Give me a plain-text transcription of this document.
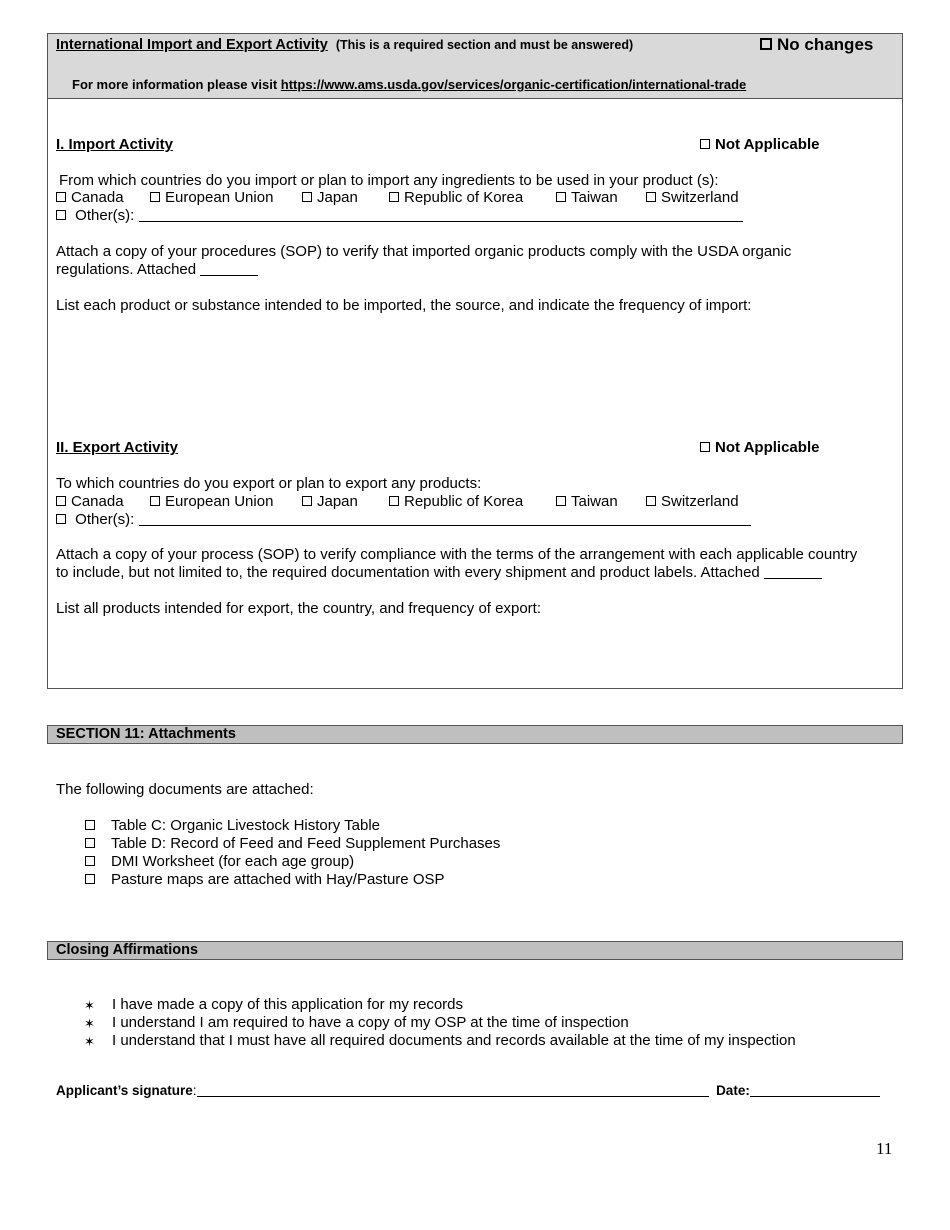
International Import and Export Activity (This is a required section and must be answered)	No changes
For more information please visit https://www.ams.usda.gov/services/organic-certification/international-trade
I. Import Activity	Not Applicable
From which countries do you import or plan to import any ingredients to be used in your product (s):
Canada	European Union	Japan	Republic of Korea	Taiwan	Switzerland
Other(s):
Attach a copy of your procedures (SOP) to verify that imported organic products comply with the USDA organic
regulations. Attached
List each product or substance intended to be imported, the source, and indicate the frequency of import:
II. Export Activity	Not Applicable
To which countries do you export or plan to export any products:
Canada	European Union	Japan	Republic of Korea	Taiwan	Switzerland
Other(s):
Attach a copy of your process (SOP) to verify compliance with the terms of the arrangement with each applicable country
to include, but not limited to, the required documentation with every shipment and product labels. Attached
List all products intended for export, the country, and frequency of export:
SECTION 11: Attachments
The following documents are attached:
Table C: Organic Livestock History Table
Table D: Record of Feed and Feed Supplement Purchases
DMI Worksheet (for each age group)
Pasture maps are attached with Hay/Pasture OSP
Closing Affirmations
✶ I have made a copy of this application for my records
✶ I understand I am required to have a copy of my OSP at the time of inspection
✶ I understand that I must have all required documents and records available at the time of my inspection
Applicant’s signature:	Date:
11
